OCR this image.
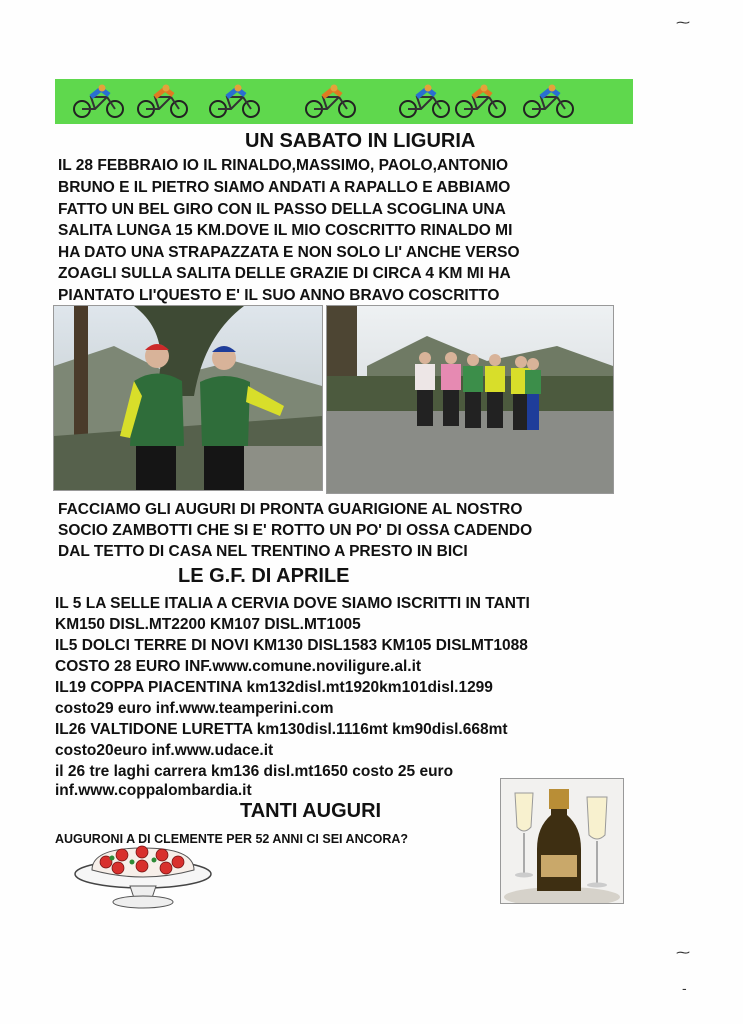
UN SABATO IN LIGURIA
IL 28 FEBBRAIO IO IL RINALDO,MASSIMO, PAOLO,ANTONIO
BRUNO E IL PIETRO SIAMO ANDATI A RAPALLO E ABBIAMO
FATTO UN BEL GIRO CON IL PASSO DELLA SCOGLINA UNA
SALITA LUNGA 15 KM.DOVE IL MIO COSCRITTO RINALDO MI
HA DATO UNA STRAPAZZATA E NON SOLO LI' ANCHE VERSO
ZOAGLI SULLA SALITA DELLE GRAZIE DI CIRCA 4 KM MI HA
PIANTATO LI'QUESTO E' IL SUO ANNO BRAVO COSCRITTO
FACCIAMO GLI AUGURI DI PRONTA GUARIGIONE AL NOSTRO
SOCIO ZAMBOTTI CHE SI E' ROTTO UN PO' DI OSSA CADENDO
DAL TETTO DI CASA NEL TRENTINO A PRESTO IN BICI
LE G.F. DI APRILE
IL 5 LA SELLE ITALIA A CERVIA DOVE SIAMO ISCRITTI IN TANTI
KM150 DISL.MT2200 KM107 DISL.MT1005
IL5 DOLCI TERRE DI NOVI KM130 DISL1583 KM105 DISLMT1088
COSTO 28 EURO INF.www.comune.noviligure.al.it
IL19 COPPA PIACENTINA km132disl.mt1920km101disl.1299
costo29 euro inf.www.teamperini.com
IL26 VALTIDONE LURETTA km130disl.1116mt km90disl.668mt
costo20euro inf.www.udace.it
il 26 tre laghi carrera km136 disl.mt1650 costo 25 euro
inf.www.coppalombardia.it
TANTI AUGURI
AUGURONI A DI CLEMENTE PER 52 ANNI CI SEI ANCORA?
⁓
⁓
-
